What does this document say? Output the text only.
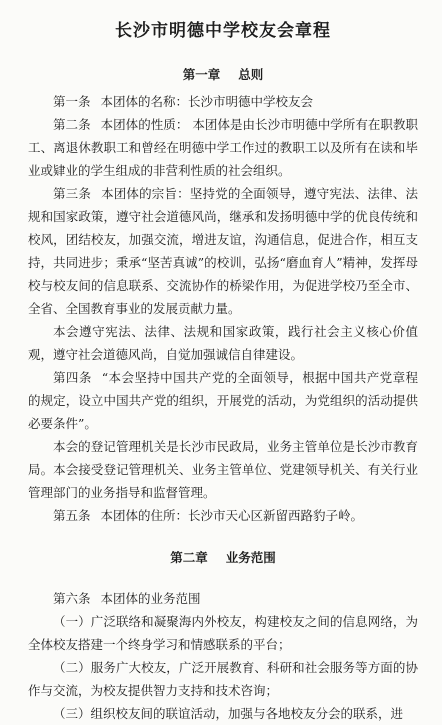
长沙市明德中学校友会章程
第一章 总则

第一条 本团体的名称：长沙市明德中学校友会

第二条 本团体的性质： 本团体是由长沙市明德中学所有在职教职工、离退休教职工和曾经在明德中学工作过的教职工以及所有在读和毕业或肄业的学生组成的非营利性质的社会组织。

第三条 本团体的宗旨：坚持党的全面领导，遵守宪法、法律、法规和国家政策，遵守社会道德风尚，继承和发扬明德中学的优良传统和校风，团结校友，加强交流，增进友谊，沟通信息，促进合作，相互支持，共同进步；秉承“坚苦真诚”的校训，弘扬“磨血育人”精神，发挥母校与校友间的信息联系、交流协作的桥梁作用，为促进学校乃至全市、全省、全国教育事业的发展贡献力量。

本会遵守宪法、法律、法规和国家政策，践行社会主义核心价值观，遵守社会道德风尚，自觉加强诚信自律建设。

第四条 “本会坚持中国共产党的全面领导，根据中国共产党章程的规定，设立中国共产党的组织，开展党的活动，为党组织的活动提供必要条件”。

本会的登记管理机关是长沙市民政局，业务主管单位是长沙市教育局。本会接受登记管理机关、业务主管单位、党建领导机关、有关行业管理部门的业务指导和监督管理。

第五条 本团体的住所：长沙市天心区新留西路豹子岭。

第二章 业务范围

第六条 本团体的业务范围

（一）广泛联络和凝聚海内外校友，构建校友之间的信息网络，为全体校友搭建一个终身学习和情感联系的平台；

（二）服务广大校友，广泛开展教育、科研和社会服务等方面的协作与交流，为校友提供智力支持和技术咨询；

（三）组织校友间的联谊活动，加强与各地校友分会的联系，进
